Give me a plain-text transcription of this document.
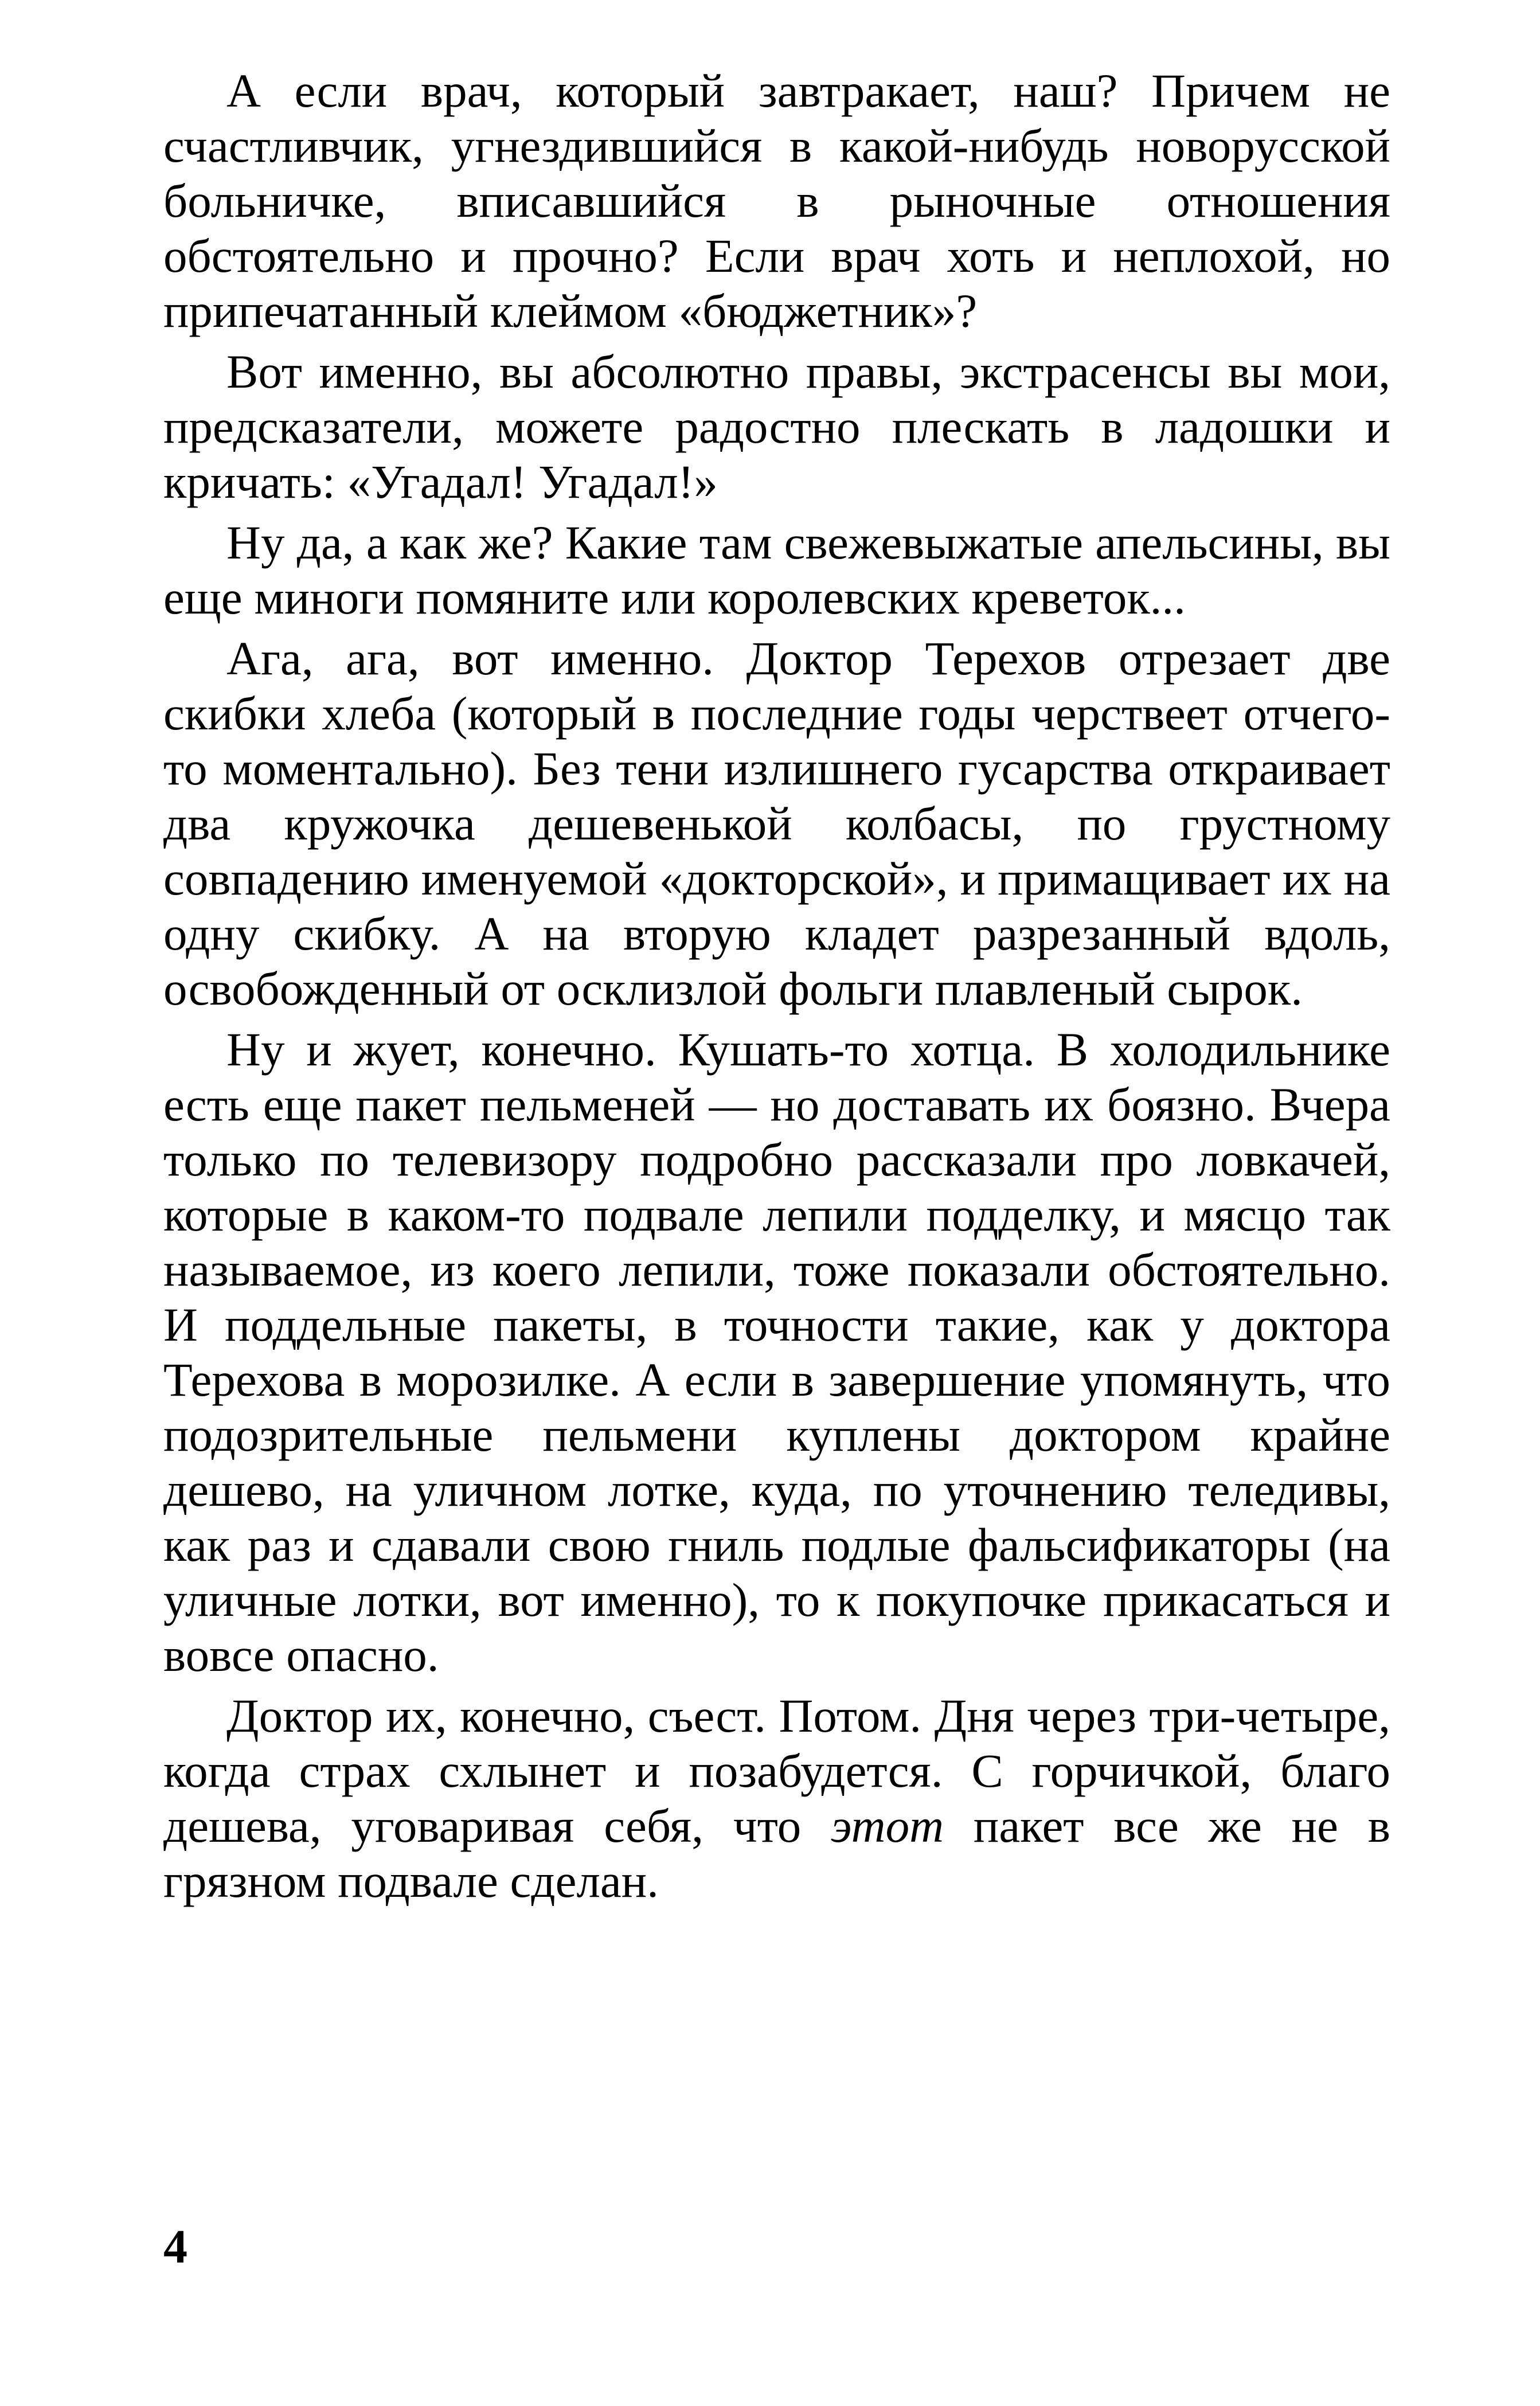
А если врач, который завтракает, наш? Причем не счастливчик, угнездившийся в какой-нибудь новорусской больничке, вписавшийся в рыночные отношения обстоятельно и прочно? Если врач хоть и неплохой, но припечатанный клеймом «бюджетник»?

Вот именно, вы абсолютно правы, экстрасенсы вы мои, предсказатели, можете радостно плескать в ладошки и кричать: «Угадал! Угадал!»

Ну да, а как же? Какие там свежевыжатые апельсины, вы еще миноги помяните или королевских креветок...

Ага, ага, вот именно. Доктор Терехов отрезает две скибки хлеба (который в последние годы черствеет отчего-то моментально). Без тени излишнего гусарства откраивает два кружочка дешевенькой колбасы, по грустному совпадению именуемой «докторской», и примащивает их на одну скибку. А на вторую кладет разрезанный вдоль, освобожденный от осклизлой фольги плавленый сырок.

Ну и жует, конечно. Кушать-то хотца. В холодильнике есть еще пакет пельменей — но доставать их боязно. Вчера только по телевизору подробно рассказали про ловкачей, которые в каком-то подвале лепили подделку, и мясцо так называемое, из коего лепили, тоже показали обстоятельно. И поддельные пакеты, в точности такие, как у доктора Терехова в морозилке. А если в завершение упомянуть, что подозрительные пельмени куплены доктором крайне дешево, на уличном лотке, куда, по уточнению теледивы, как раз и сдавали свою гниль подлые фальсификаторы (на уличные лотки, вот именно), то к покупочке прикасаться и вовсе опасно.

Доктор их, конечно, съест. Потом. Дня через три-четыре, когда страх схлынет и позабудется. С горчичкой, благо дешева, уговаривая себя, что этот пакет все же не в грязном подвале сделан.

4
